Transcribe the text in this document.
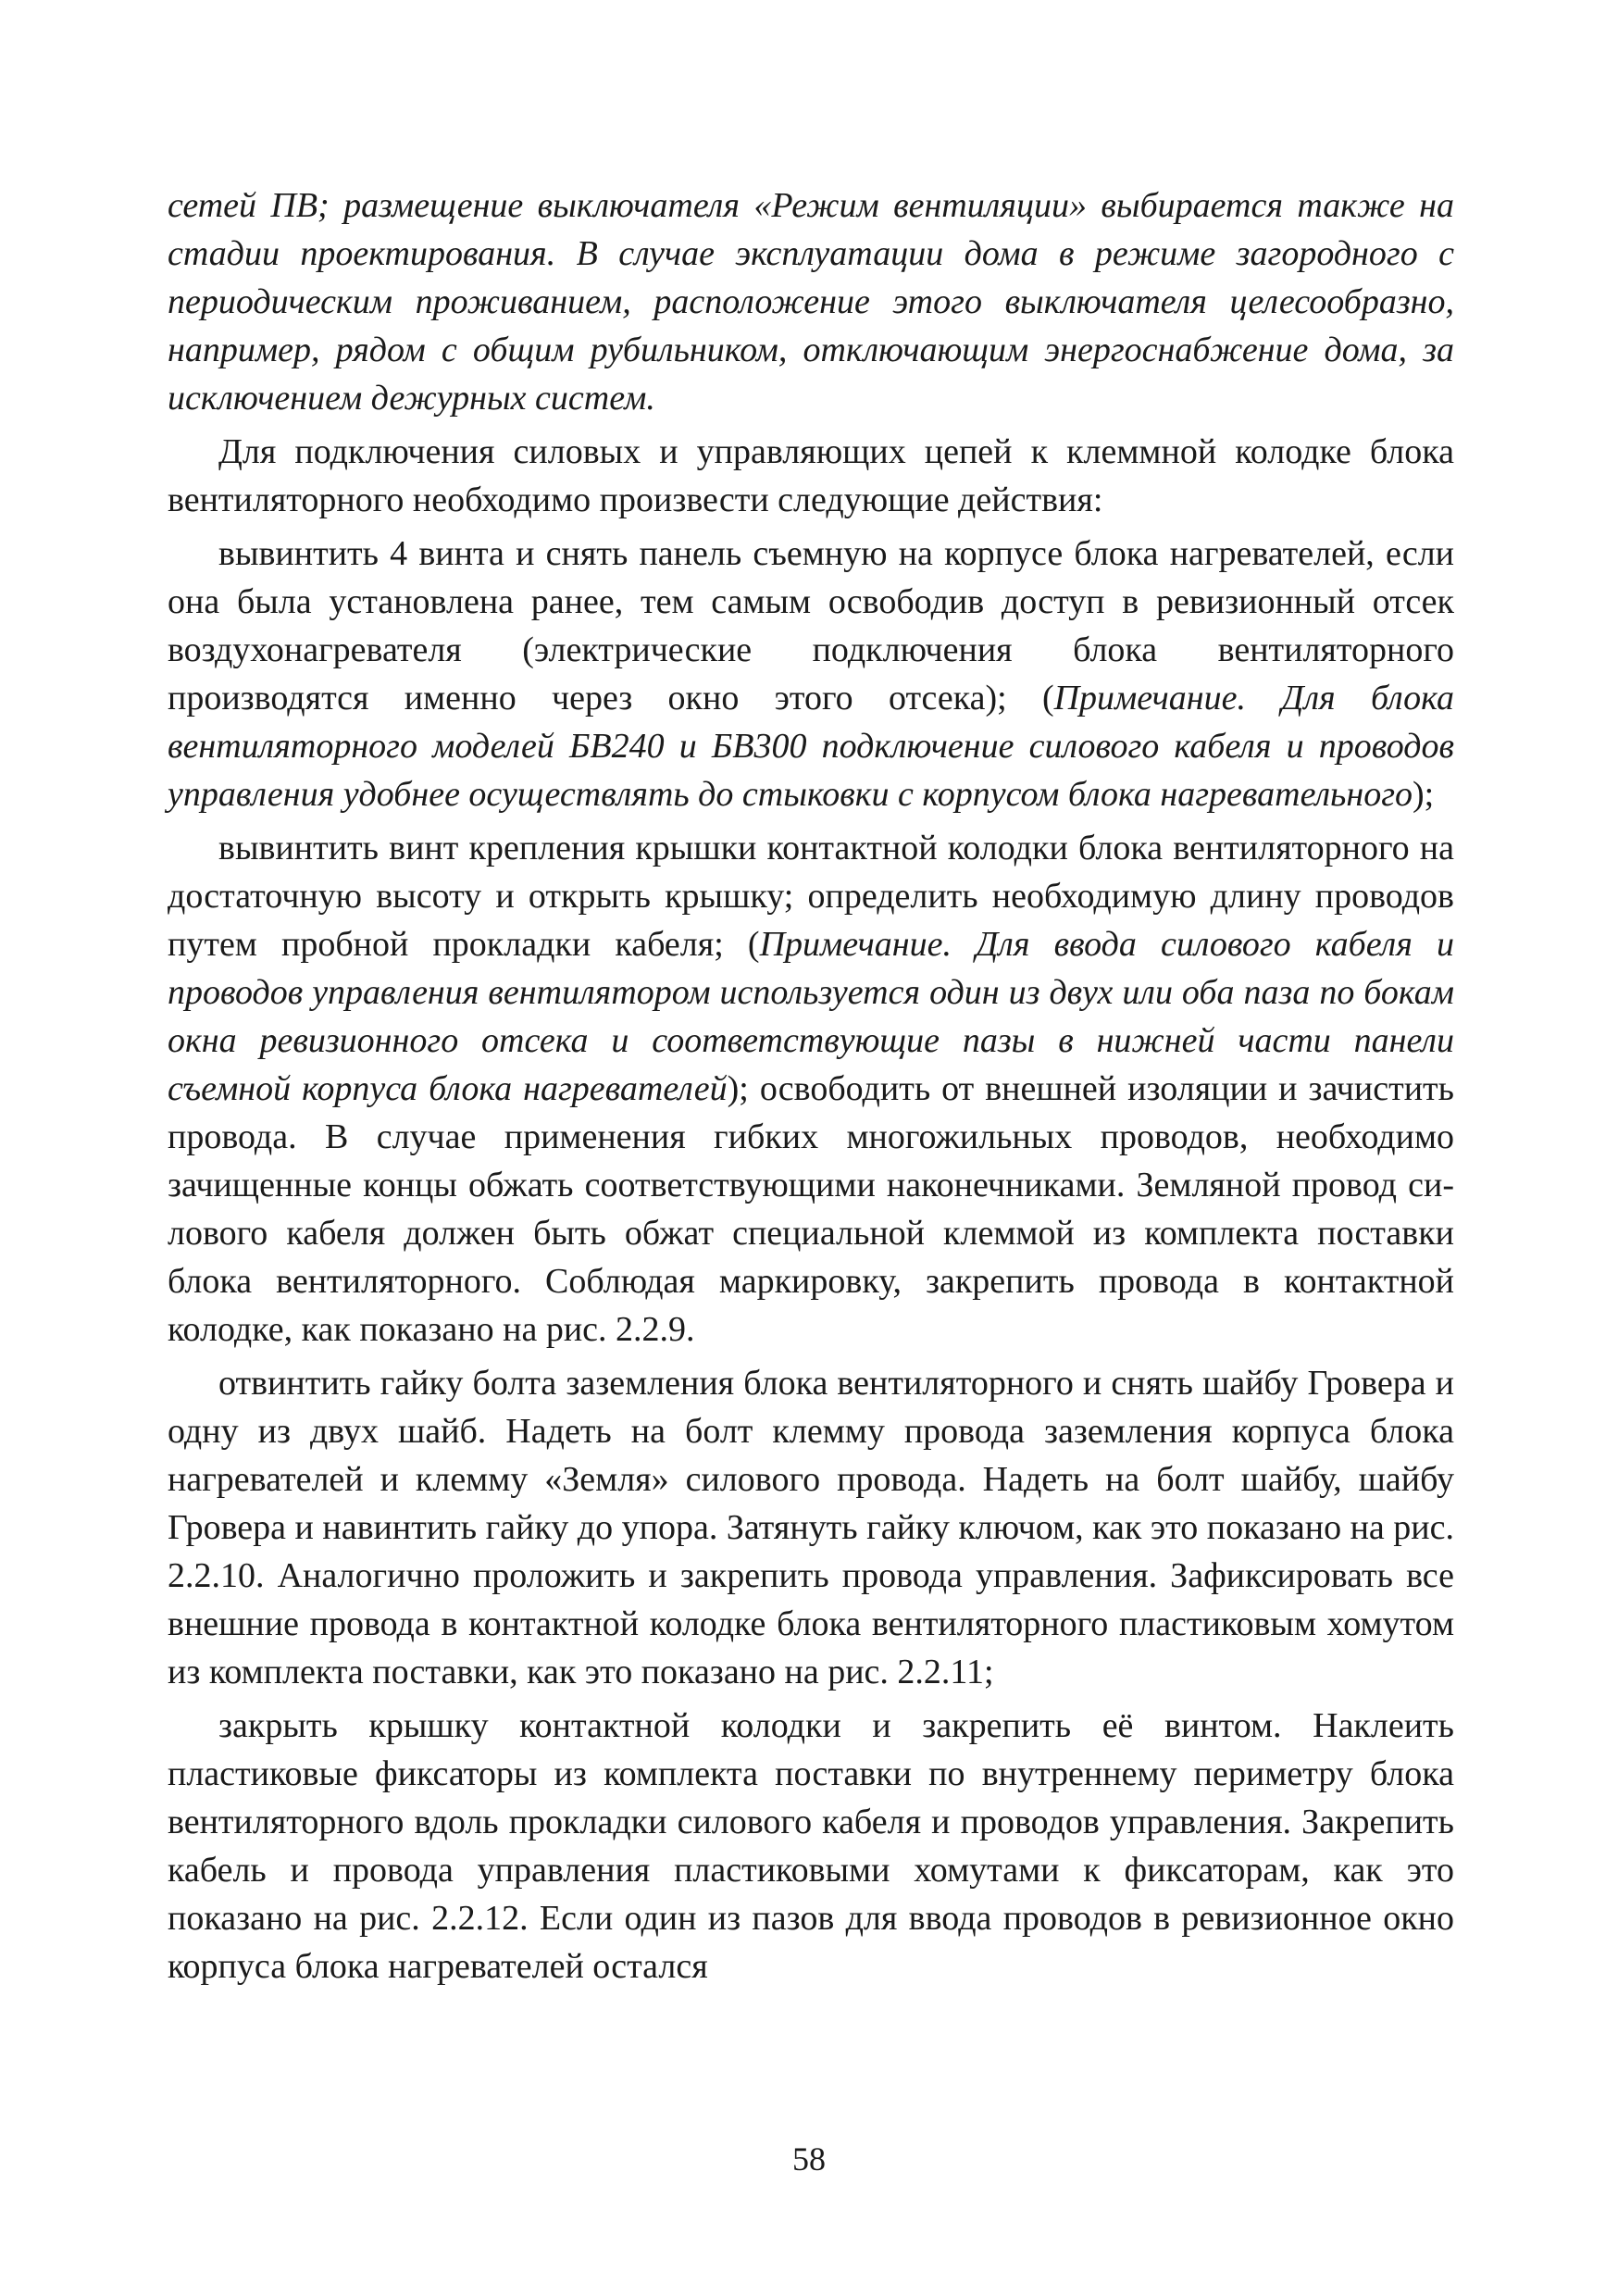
сетей ПВ; размещение выключателя «Режим вентиляции» выбирается также на стадии проектирования. В случае эксплуатации дома в режиме загородного с периодическим проживанием, расположение этого выключателя целесообразно, например, рядом с общим рубильником, отключающим энергоснабжение дома, за исключением дежурных систем.

Для подключения силовых и управляющих цепей к клеммной колодке блока вентиляторного необходимо произвести следующие действия:

вывинтить 4 винта и снять панель съемную на корпусе блока нагревателей, если она была установлена ранее, тем самым освободив доступ в ревизионный отсек воздухонагревателя (электрические подключения блока вентиляторного производятся именно через окно этого отсека); (Примечание. Для блока вентиляторного моделей БВ240 и БВ300 подключение силового кабеля и проводов управления удобнее осуществлять до стыковки с корпусом блока нагревательного);

вывинтить винт крепления крышки контактной колодки блока вентиляторного на достаточную высоту и открыть крышку; определить необходимую длину проводов путем пробной прокладки кабеля; (Примечание. Для ввода силового кабеля и проводов управления вентилятором используется один из двух или оба паза по бокам окна ревизионного отсека и соответствующие пазы в нижней части панели съемной корпуса блока нагревателей); освободить от внешней изоляции и зачистить провода. В случае применения гибких многожильных проводов, необходимо зачищенные концы обжать соответствующими наконечниками. Земляной провод силового кабеля должен быть обжат специальной клеммой из комплекта поставки блока вентиляторного. Соблюдая маркировку, закрепить провода в контактной колодке, как показано на рис. 2.2.9.

отвинтить гайку болта заземления блока вентиляторного и снять шайбу Гровера и одну из двух шайб. Надеть на болт клемму провода заземления корпуса блока нагревателей и клемму «Земля» силового провода. Надеть на болт шайбу, шайбу Гровера и навинтить гайку до упора. Затянуть гайку ключом, как это показано на рис. 2.2.10. Аналогично проложить и закрепить провода управления. Зафиксировать все внешние провода в контактной колодке блока вентиляторного пластиковым хомутом из комплекта поставки, как это показано на рис. 2.2.11;

закрыть крышку контактной колодки и закрепить её винтом. Наклеить пластиковые фиксаторы из комплекта поставки по внутреннему периметру блока вентиляторного вдоль прокладки силового кабеля и проводов управления. Закрепить кабель и провода управления пластиковыми хомутами к фиксаторам, как это показано на рис. 2.2.12. Если один из пазов для ввода проводов в ревизионное окно корпуса блока нагревателей остался

58
